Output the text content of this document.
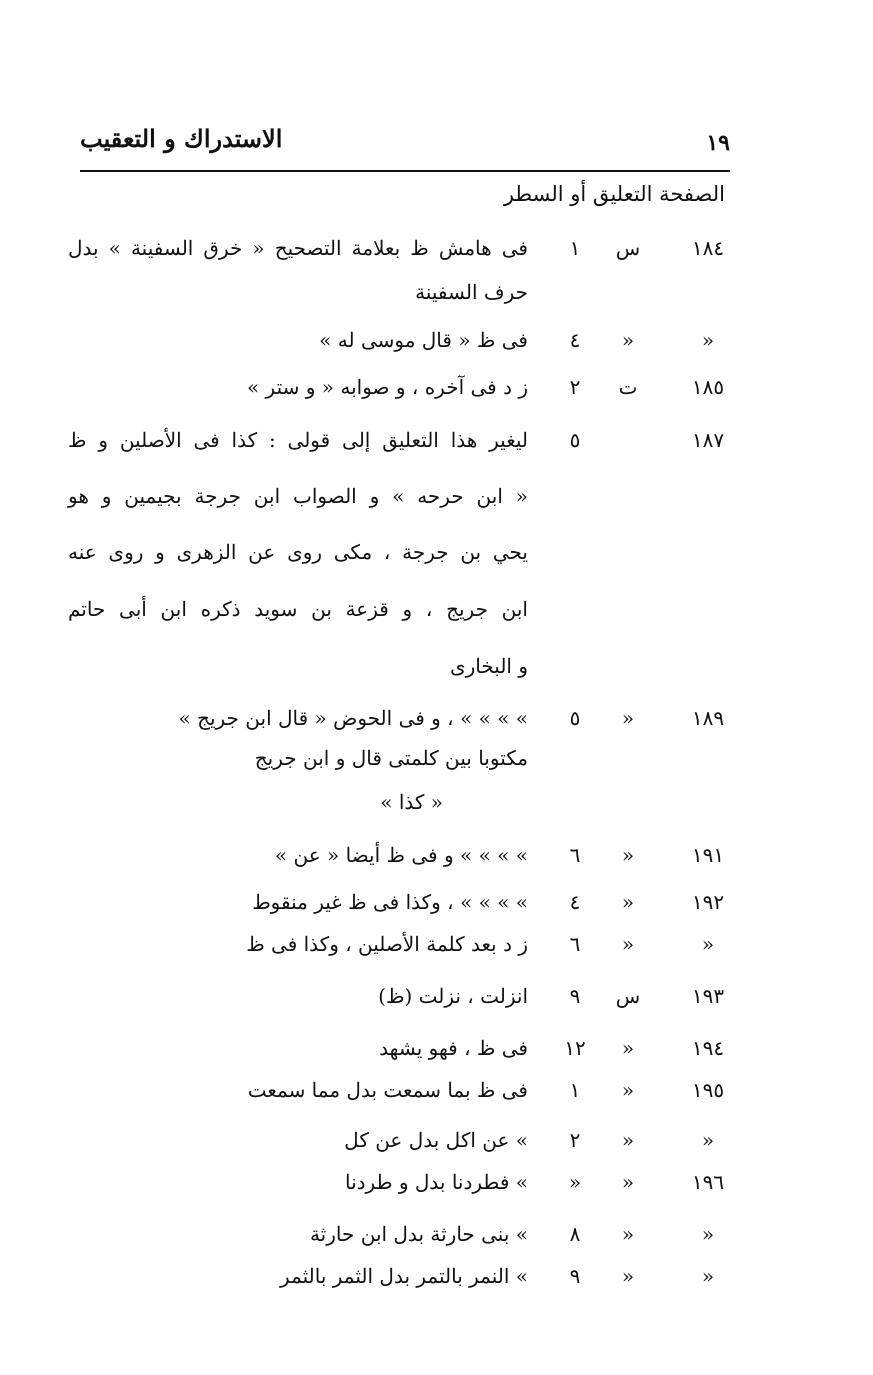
الاستدراك و التعقيب	١٩
الصفحة التعليق أو السطر
١٨٤
س
١
فى هامش ظ بعلامة التصحيح « خرق السفينة » بدل
حرف السفينة
»
»
٤
فى ظ « قال موسى له »
١٨٥
ت
٢
ز د فى آخره ، و صوابه « و ستر »
١٨٧
٥
ليغير هذا التعليق إلى قولى : كذا فى الأصلين و ظ
« ابن حرحه » و الصواب ابن جرجة بجيمين و هو
يحي بن جرجة ، مكى روى عن الزهرى و روى عنه
ابن جريج ، و قزعة بن سويد ذكره ابن أبى حاتم
و البخارى
١٨٩
»
٥
» » » » ، و فى الحوض « قال ابن جريج »
مكتوبا بين كلمتى قال و ابن جريج
« كذا »
١٩١
»
٦
» » » » و فى ظ أيضا « عن »
١٩٢
»
٤
» » » » ، وكذا فى ظ غير منقوط
»
»
٦
ز د بعد كلمة الأصلين ، وكذا فى ظ
١٩٣
س
٩
انزلت ، نزلت (ظ)
١٩٤
»
١٢
فى ظ ، فهو يشهد
١٩٥
»
١
فى ظ بما سمعت بدل مما سمعت
»
»
٢
» عن اكل بدل عن كل
١٩٦
»
»
» فطردنا بدل و طردنا
»
»
٨
» بنى حارثة بدل ابن حارثة
»
»
٩
» النمر بالتمر بدل الثمر بالثمر
